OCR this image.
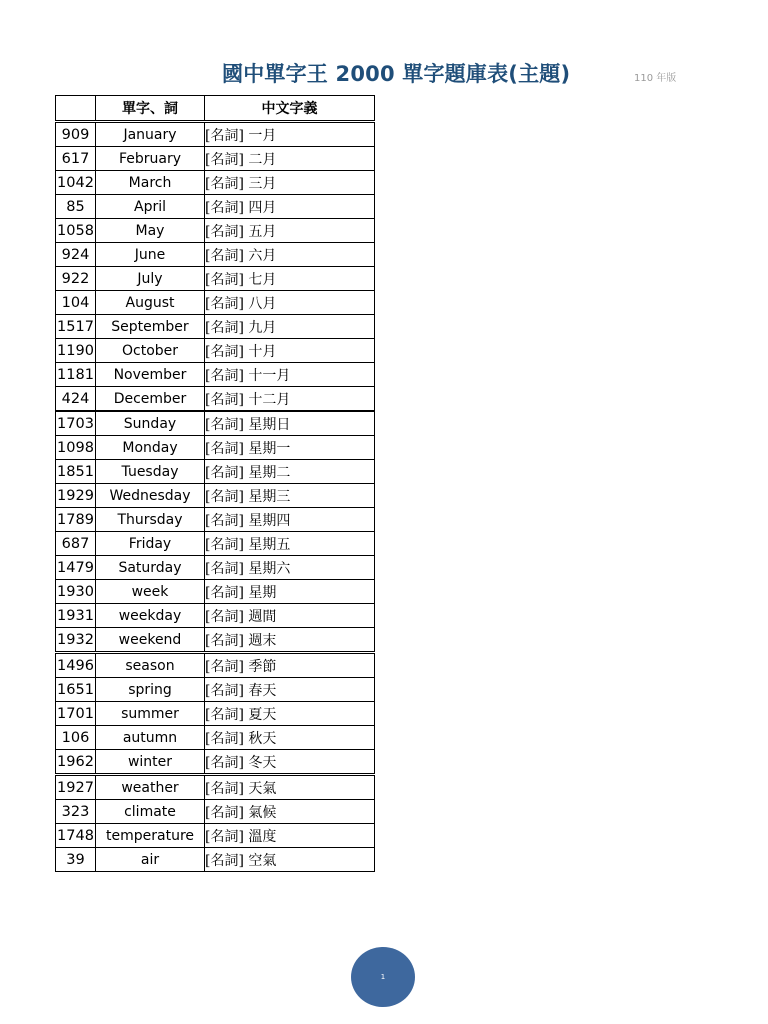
國中單字王 2000 單字題庫表(主題)	110 年版
	單字、詞	中文字義
909	January	[名詞] 一月
617	February	[名詞] 二月
1042	March	[名詞] 三月
85	April	[名詞] 四月
1058	May	[名詞] 五月
924	June	[名詞] 六月
922	July	[名詞] 七月
104	August	[名詞] 八月
1517	September	[名詞] 九月
1190	October	[名詞] 十月
1181	November	[名詞] 十一月
424	December	[名詞] 十二月
1703	Sunday	[名詞] 星期日
1098	Monday	[名詞] 星期一
1851	Tuesday	[名詞] 星期二
1929	Wednesday	[名詞] 星期三
1789	Thursday	[名詞] 星期四
687	Friday	[名詞] 星期五
1479	Saturday	[名詞] 星期六
1930	week	[名詞] 星期
1931	weekday	[名詞] 週間
1932	weekend	[名詞] 週末
1496	season	[名詞] 季節
1651	spring	[名詞] 春天
1701	summer	[名詞] 夏天
106	autumn	[名詞] 秋天
1962	winter	[名詞] 冬天
1927	weather	[名詞] 天氣
323	climate	[名詞] 氣候
1748	temperature	[名詞] 溫度
39	air	[名詞] 空氣
1
